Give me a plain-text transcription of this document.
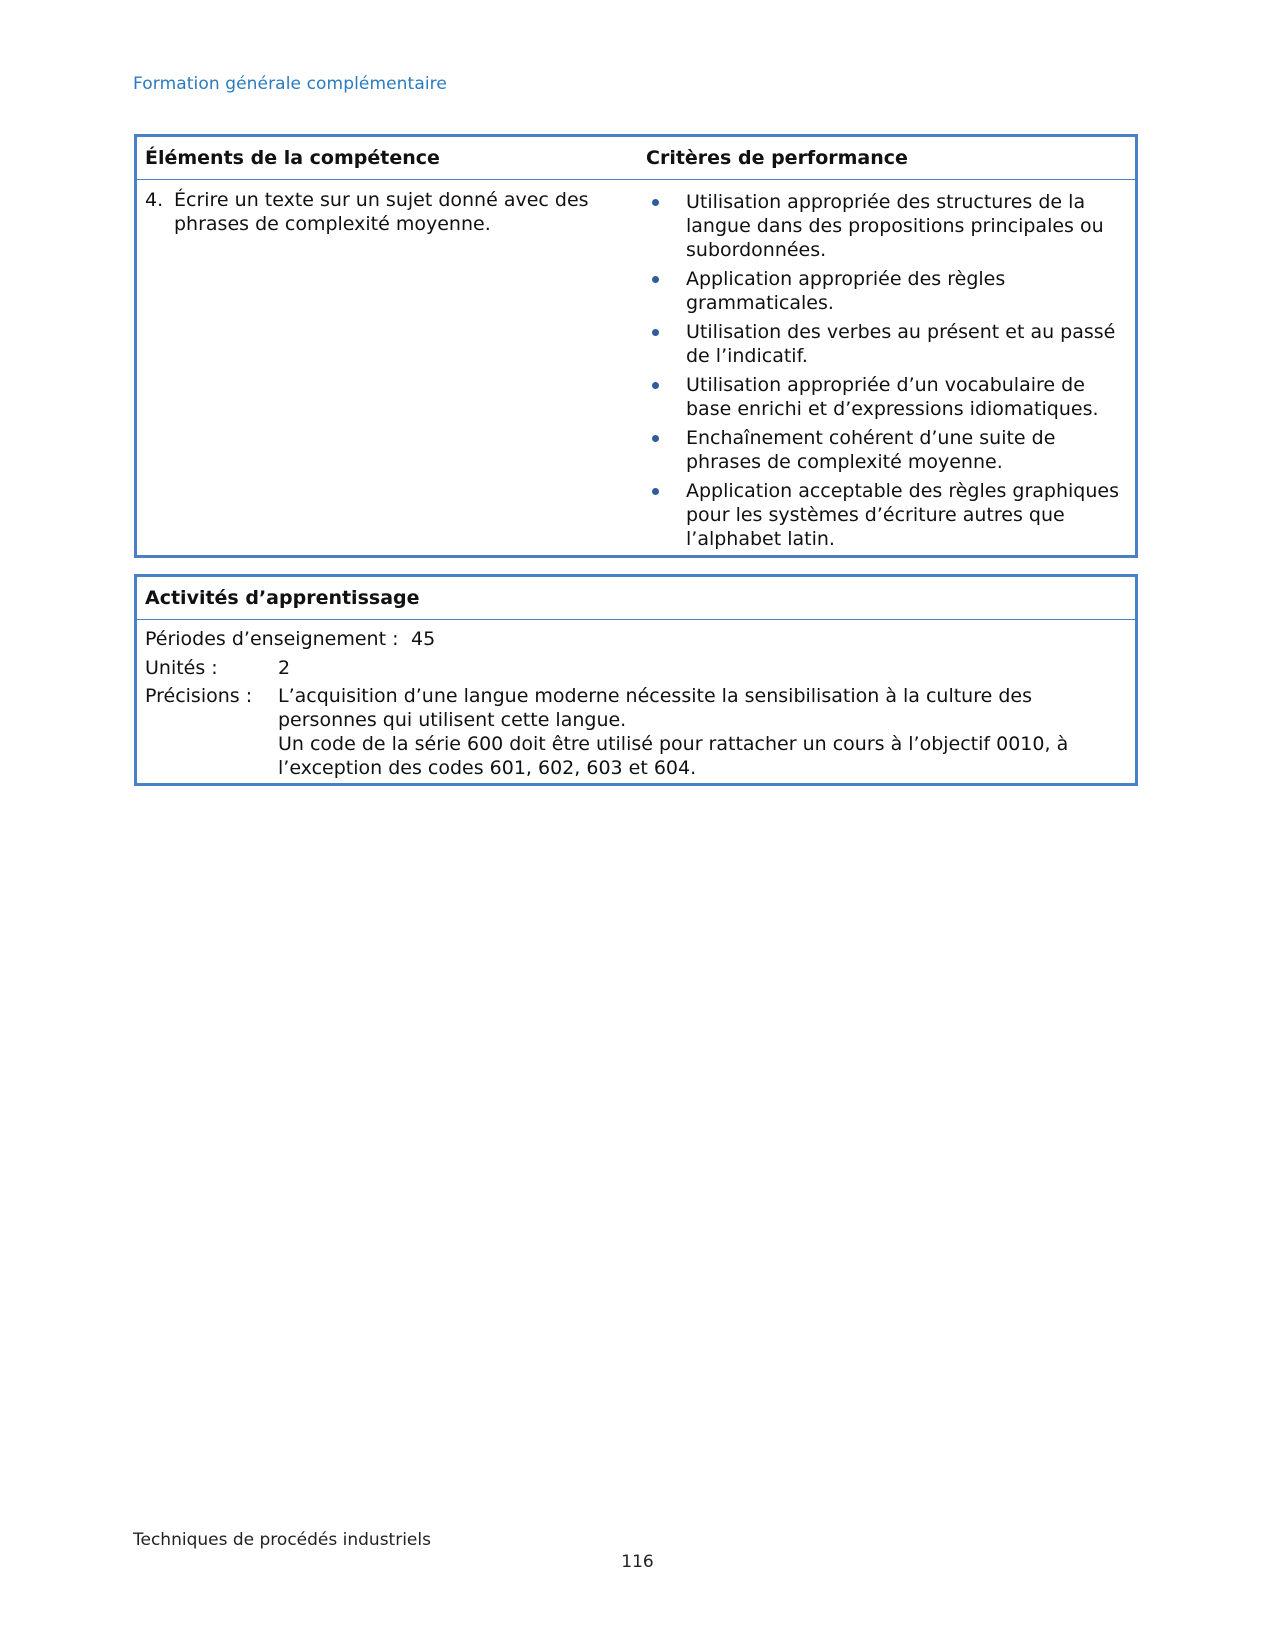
Formation générale complémentaire
Éléments de la compétence	Critères de performance
4. Écrire un texte sur un sujet donné avec des phrases de complexité moyenne.
Utilisation appropriée des structures de la langue dans des propositions principales ou subordonnées.
Application appropriée des règles grammaticales.
Utilisation des verbes au présent et au passé de l’indicatif.
Utilisation appropriée d’un vocabulaire de base enrichi et d’expressions idiomatiques.
Enchaînement cohérent d’une suite de phrases de complexité moyenne.
Application acceptable des règles graphiques pour les systèmes d’écriture autres que l’alphabet latin.
Activités d’apprentissage
Périodes d’enseignement : 45
Unités :	2
Précisions : L’acquisition d’une langue moderne nécessite la sensibilisation à la culture des personnes qui utilisent cette langue.

Un code de la série 600 doit être utilisé pour rattacher un cours à l’objectif 0010, à l’exception des codes 601, 602, 603 et 604.

Techniques de procédés industriels
116
